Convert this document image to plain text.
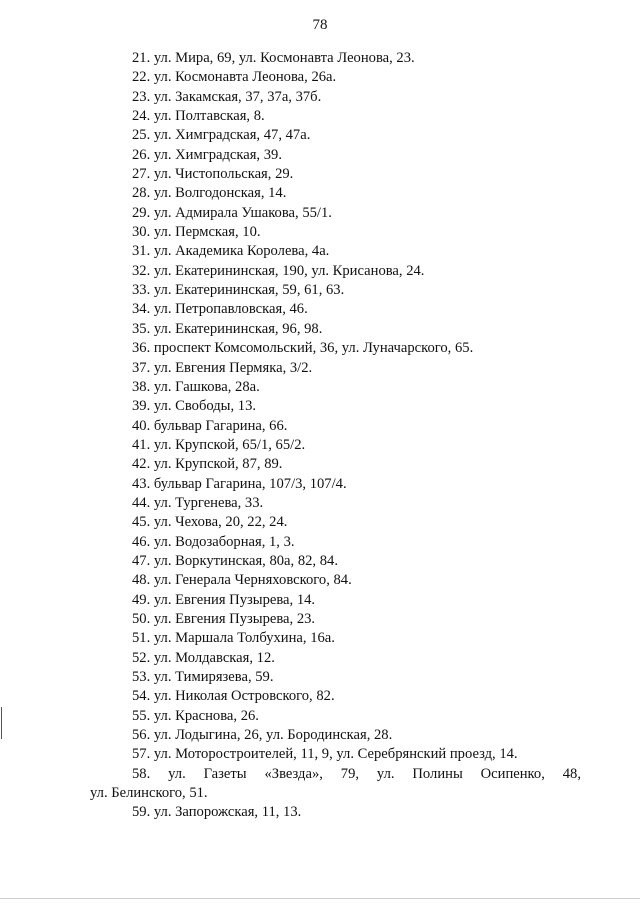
78
21. ул. Мира, 69, ул. Космонавта Леонова, 23.
22. ул. Космонавта Леонова, 26а.
23. ул. Закамская, 37, 37а, 37б.
24. ул. Полтавская, 8.
25. ул. Химградская, 47, 47а.
26. ул. Химградская, 39.
27. ул. Чистопольская, 29.
28. ул. Волгодонская, 14.
29. ул. Адмирала Ушакова, 55/1.
30. ул. Пермская, 10.
31. ул. Академика Королева, 4а.
32. ул. Екатерининская, 190, ул. Крисанова, 24.
33. ул. Екатерининская, 59, 61, 63.
34. ул. Петропавловская, 46.
35. ул. Екатерининская, 96, 98.
36. проспект Комсомольский, 36, ул. Луначарского, 65.
37. ул. Евгения Пермяка, 3/2.
38. ул. Гашкова, 28а.
39. ул. Свободы, 13.
40. бульвар Гагарина, 66.
41. ул. Крупской, 65/1, 65/2.
42. ул. Крупской, 87, 89.
43. бульвар Гагарина, 107/3, 107/4.
44. ул. Тургенева, 33.
45. ул. Чехова, 20, 22, 24.
46. ул. Водозаборная, 1, 3.
47. ул. Воркутинская, 80а, 82, 84.
48. ул. Генерала Черняховского, 84.
49. ул. Евгения Пузырева, 14.
50. ул. Евгения Пузырева, 23.
51. ул. Маршала Толбухина, 16а.
52. ул. Молдавская, 12.
53. ул. Тимирязева, 59.
54. ул. Николая Островского, 82.
55. ул. Краснова, 26.
56. ул. Лодыгина, 26, ул. Бородинская, 28.
57. ул. Моторостроителей, 11, 9, ул. Серебрянский проезд, 14.
58. ул. Газеты «Звезда», 79, ул. Полины Осипенко, 48,
ул. Белинского, 51.
59. ул. Запорожская, 11, 13.
